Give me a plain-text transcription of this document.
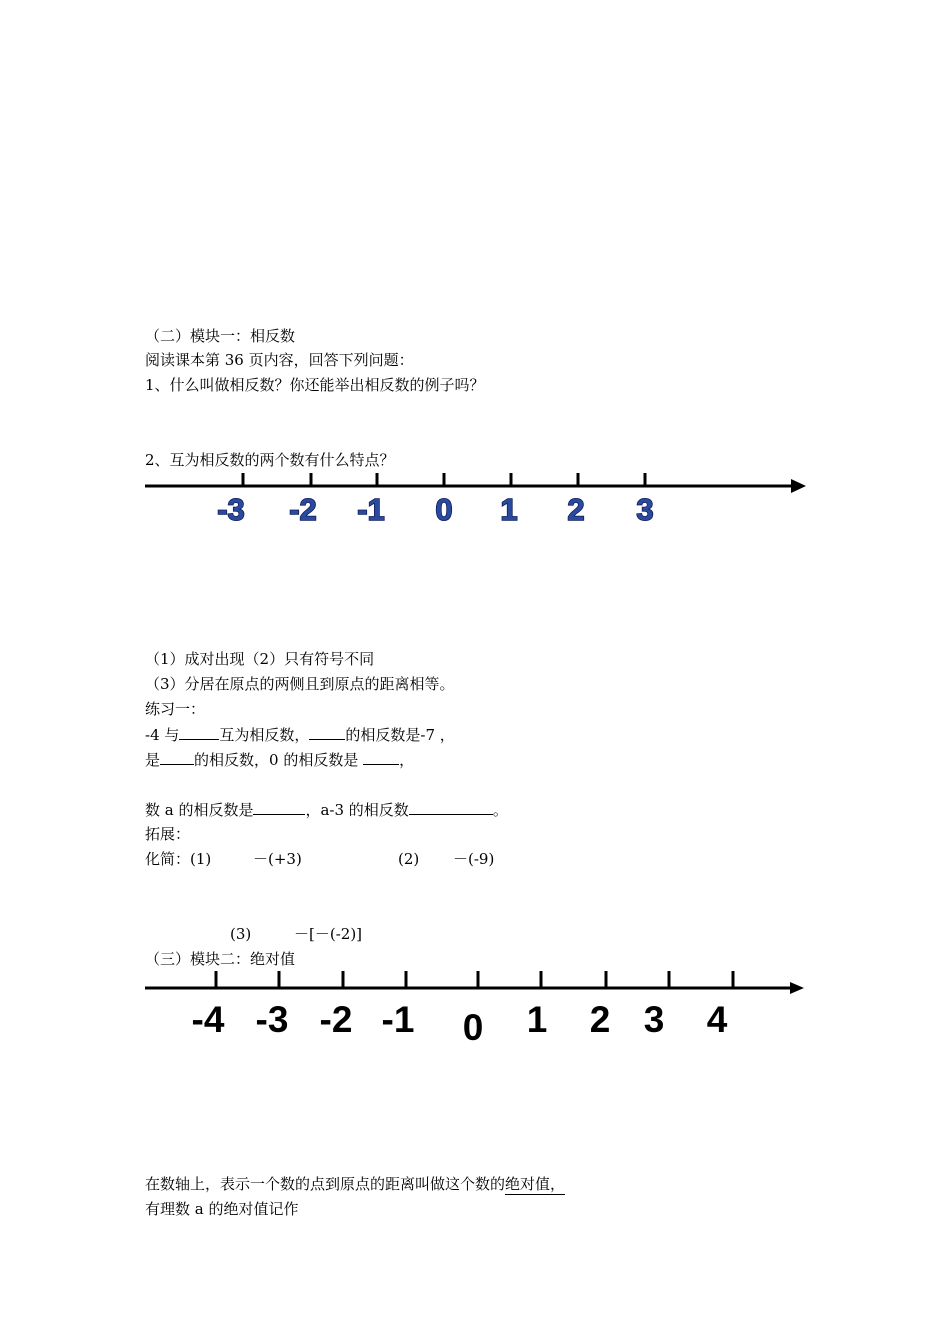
（二）模块一：相反数
阅读课本第 36 页内容，回答下列问题：
1、什么叫做相反数？你还能举出相反数的例子吗？
2、互为相反数的两个数有什么特点？
-3 -2 -1 0 1 2 3
（1）成对出现（2）只有符号不同
（3）分居在原点的两侧且到原点的距离相等。
练习一：
-4 与	互为相反数， 的相反数是-7 ，
是 的相反数，0 的相反数是 ，
数 a 的相反数是	，a-3 的相反数	。
拓展：
化简：(1)	－(+3)	(2) －(-9)
(3)	－[－(-2)]
（三）模块二：绝对值
-4 -3 -2 -1 0 1 2 3 4
在数轴上，表示一个数的点到原点的距离叫做这个数的绝对值，
有理数 a 的绝对值记作
